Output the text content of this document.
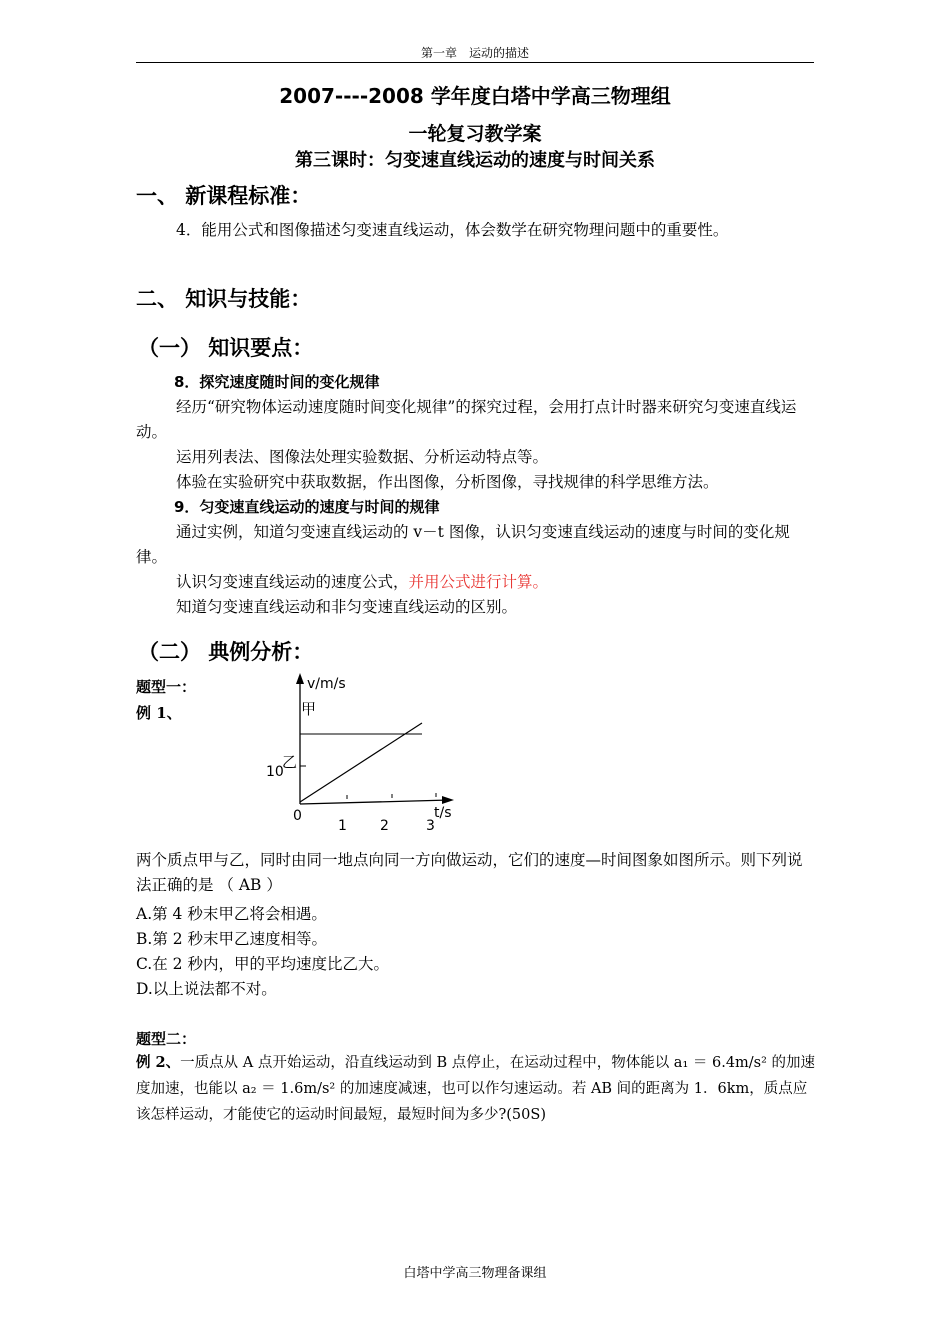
第一章　运动的描述
2007----2008 学年度白塔中学高三物理组
一轮复习教学案
第三课时：匀变速直线运动的速度与时间关系
一、 新课程标准：
4．能用公式和图像描述匀变速直线运动，体会数学在研究物理问题中的重要性。
二、 知识与技能：
（一） 知识要点：
8．探究速度随时间的变化规律
经历“研究物体运动速度随时间变化规律”的探究过程，会用打点计时器来研究匀变速直线运动。
运用列表法、图像法处理实验数据、分析运动特点等。
体验在实验研究中获取数据，作出图像，分析图像，寻找规律的科学思维方法。
9．匀变速直线运动的速度与时间的规律
通过实例，知道匀变速直线运动的 v－t 图像，认识匀变速直线运动的速度与时间的变化规律。
认识匀变速直线运动的速度公式，并用公式进行计算。
知道匀变速直线运动和非匀变速直线运动的区别。
（二） 典例分析：
题型一：
例 1、
v/m/s
甲
乙
10
0
1 2	3
t/s
两个质点甲与乙，同时由同一地点向同一方向做运动，它们的速度—时间图象如图所示。则下列说法正确的是 （ AB ）
A.第 4 秒末甲乙将会相遇。
B.第 2 秒末甲乙速度相等。
C.在 2 秒内，甲的平均速度比乙大。
D.以上说法都不对。
题型二：
例 2、一质点从 A 点开始运动，沿直线运动到 B 点停止，在运动过程中，物体能以 a₁ ＝ 6.4m/s² 的加速度加速，也能以 a₂ ＝ 1.6m/s² 的加速度减速，也可以作匀速运动。若 AB 间的距离为 1．6km，质点应该怎样运动，才能使它的运动时间最短，最短时间为多少?(50S)
白塔中学高三物理备课组
